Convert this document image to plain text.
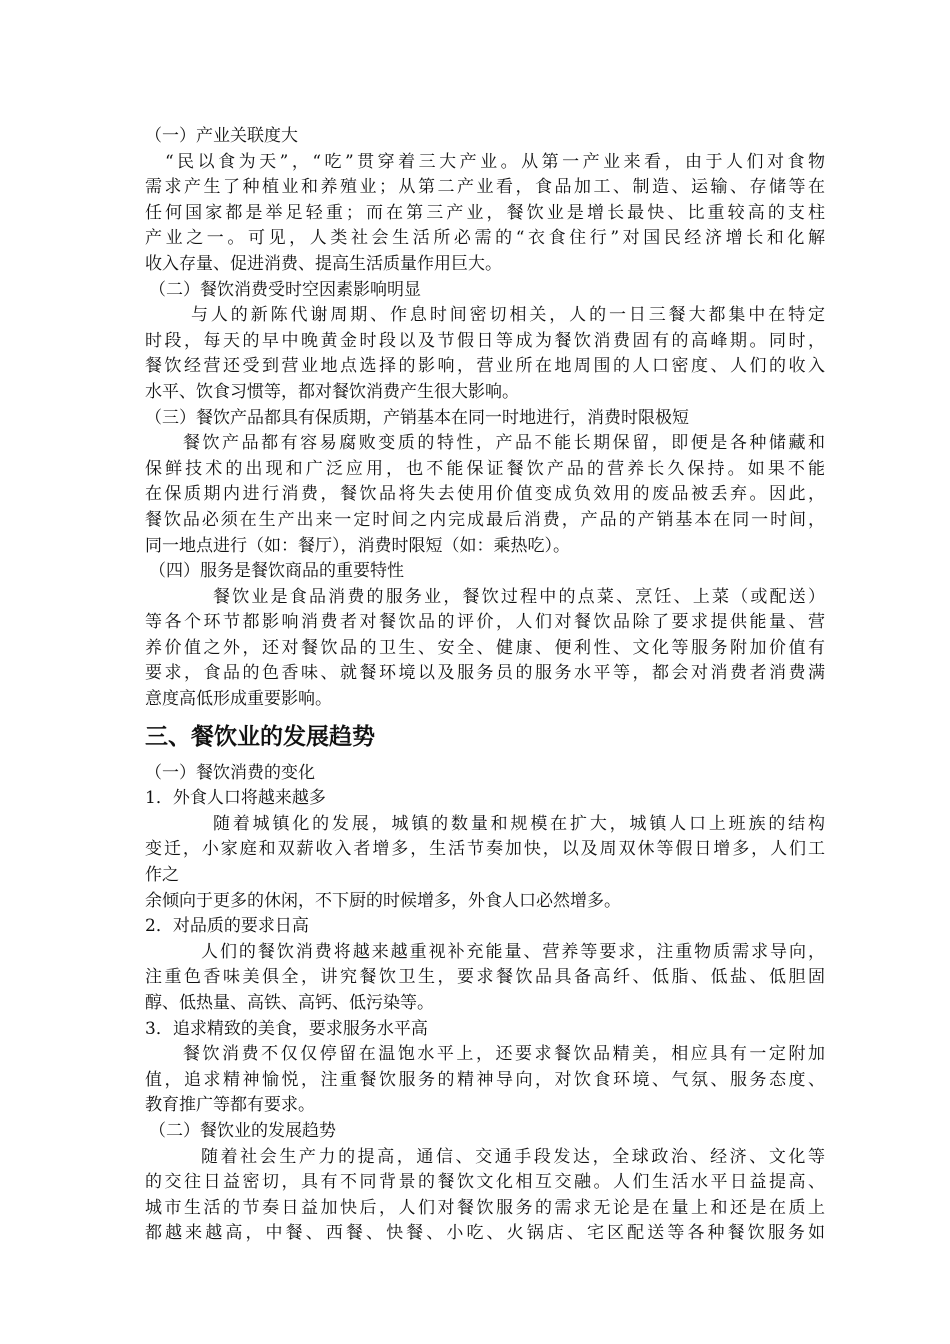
（一）产业关联度大
“民以食为天”，“吃”贯穿着三大产业。从第一产业来看，由于人们对食物
需求产生了种植业和养殖业；从第二产业看，食品加工、制造、运输、存储等在
任何国家都是举足轻重；而在第三产业，餐饮业是增长最快、比重较高的支柱
产业之一。可见，人类社会生活所必需的“衣食住行”对国民经济增长和化解
收入存量、促进消费、提高生活质量作用巨大。
（二）餐饮消费受时空因素影响明显
与人的新陈代谢周期、作息时间密切相关，人的一日三餐大都集中在特定
时段，每天的早中晚黄金时段以及节假日等成为餐饮消费固有的高峰期。同时，
餐饮经营还受到营业地点选择的影响，营业所在地周围的人口密度、人们的收入
水平、饮食习惯等，都对餐饮消费产生很大影响。
（三）餐饮产品都具有保质期，产销基本在同一时地进行，消费时限极短
餐饮产品都有容易腐败变质的特性，产品不能长期保留，即便是各种储藏和
保鲜技术的出现和广泛应用，也不能保证餐饮产品的营养长久保持。如果不能
在保质期内进行消费，餐饮品将失去使用价值变成负效用的废品被丢弃。因此，
餐饮品必须在生产出来一定时间之内完成最后消费，产品的产销基本在同一时间，
同一地点进行（如：餐厅），消费时限短（如：乘热吃）。
（四）服务是餐饮商品的重要特性
餐饮业是食品消费的服务业，餐饮过程中的点菜、烹饪、上菜（或配送）
等各个环节都影响消费者对餐饮品的评价，人们对餐饮品除了要求提供能量、营
养价值之外，还对餐饮品的卫生、安全、健康、便利性、文化等服务附加价值有
要求，食品的色香味、就餐环境以及服务员的服务水平等，都会对消费者消费满
意度高低形成重要影响。
三、餐饮业的发展趋势
（一）餐饮消费的变化
1．外食人口将越来越多
随着城镇化的发展，城镇的数量和规模在扩大，城镇人口上班族的结构
变迁，小家庭和双薪收入者增多，生活节奏加快，以及周双休等假日增多，人们工
作之
余倾向于更多的休闲，不下厨的时候增多，外食人口必然增多。
2．对品质的要求日高
人们的餐饮消费将越来越重视补充能量、营养等要求，注重物质需求导向，
注重色香味美俱全，讲究餐饮卫生，要求餐饮品具备高纤、低脂、低盐、低胆固
醇、低热量、高铁、高钙、低污染等。
3．追求精致的美食，要求服务水平高
餐饮消费不仅仅停留在温饱水平上，还要求餐饮品精美，相应具有一定附加
值，追求精神愉悦，注重餐饮服务的精神导向，对饮食环境、气氛、服务态度、
教育推广等都有要求。
（二）餐饮业的发展趋势
随着社会生产力的提高，通信、交通手段发达，全球政治、经济、文化等
的交往日益密切，具有不同背景的餐饮文化相互交融。人们生活水平日益提高、
城市生活的节奏日益加快后，人们对餐饮服务的需求无论是在量上和还是在质上
都越来越高，中餐、西餐、快餐、小吃、火锅店、宅区配送等各种餐饮服务如
